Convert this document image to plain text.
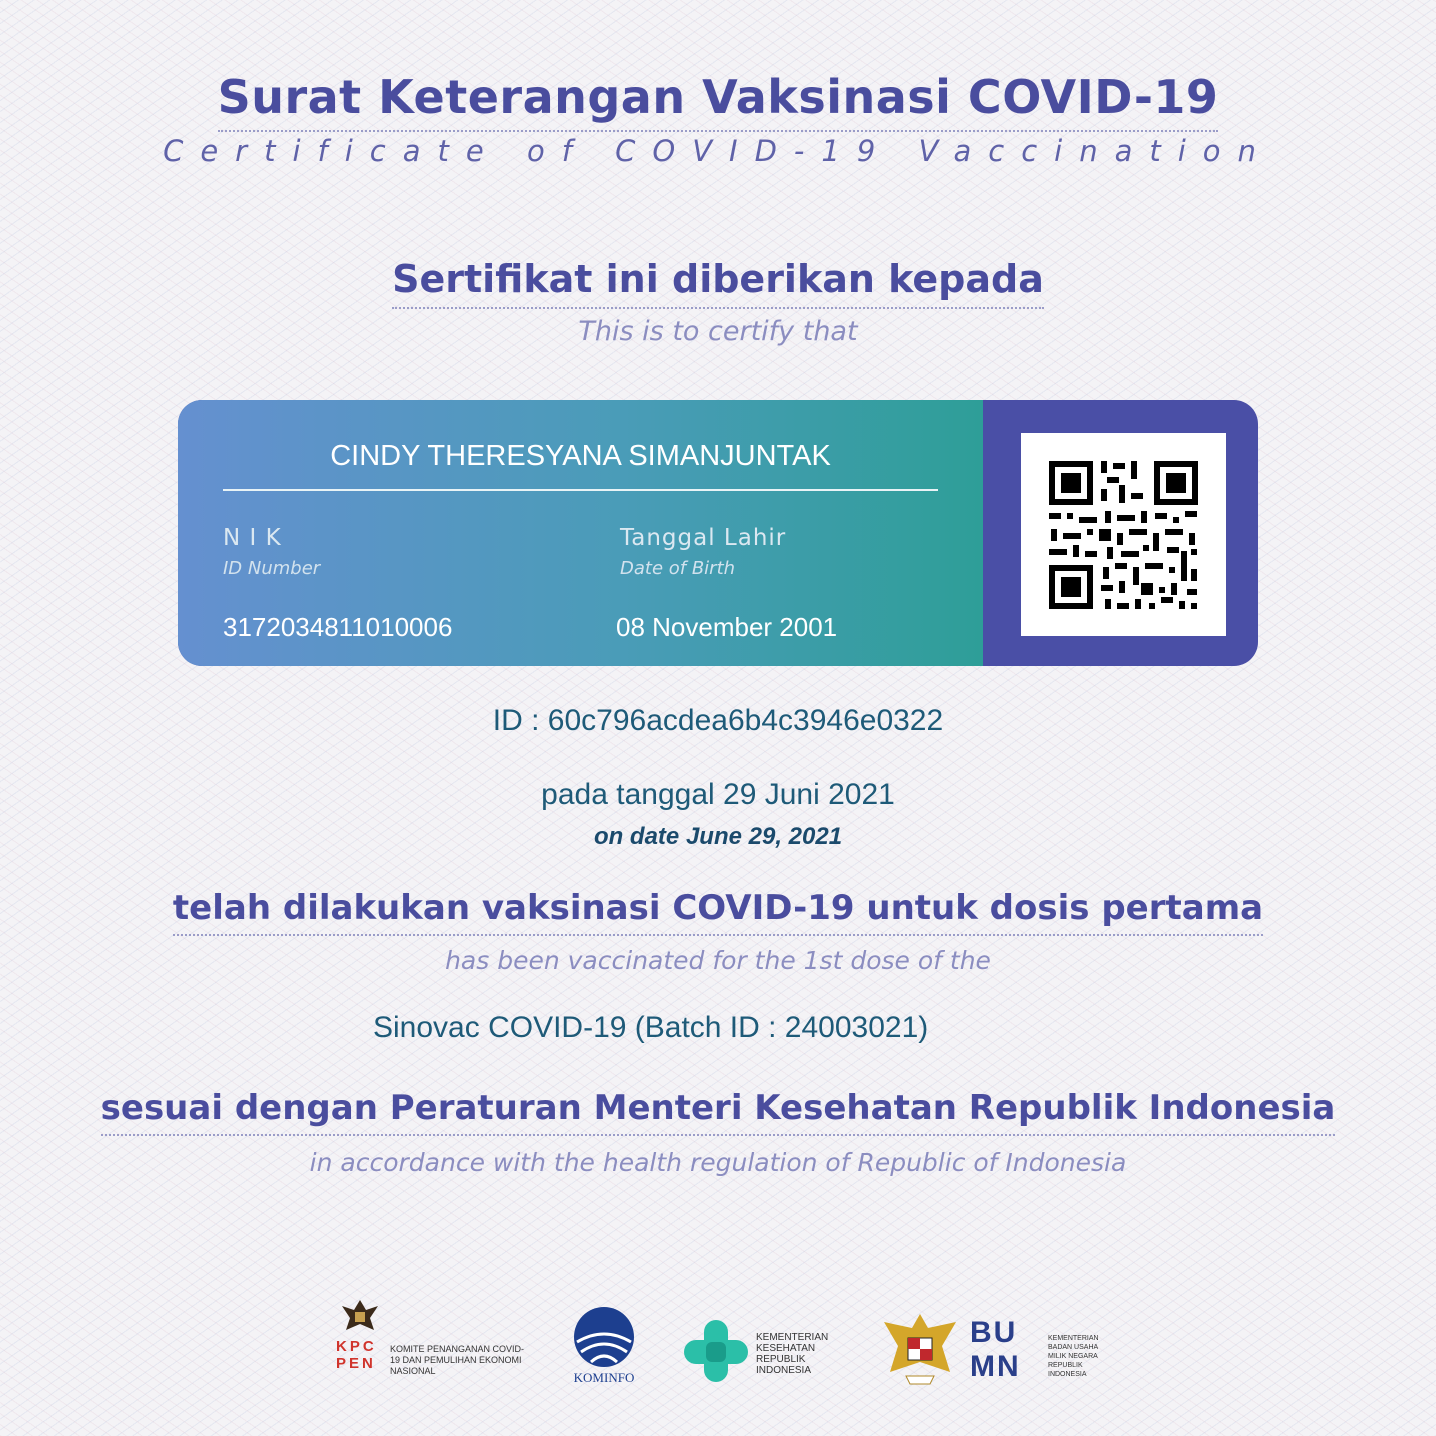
Surat Keterangan Vaksinasi COVID-19
Certificate of COVID-19 Vaccination
Sertifikat ini diberikan kepada
This is to certify that
CINDY THERESYANA SIMANJUNTAK
N I K
ID Number
3172034811010006
Tanggal Lahir
Date of Birth
08 November 2001
ID : 60c796acdea6b4c3946e0322
pada tanggal 29 Juni 2021
on date June 29, 2021
telah dilakukan vaksinasi COVID-19 untuk dosis pertama
has been vaccinated for the 1st dose of the
Sinovac COVID-19 (Batch ID : 24003021)
sesuai dengan Peraturan Menteri Kesehatan Republik Indonesia
in accordance with the health regulation of Republic of Indonesia
KPC PEN
KOMITE PENANGANAN COVID-19 DAN PEMULIHAN EKONOMI NASIONAL	KOMINFO
KEMENTERIAN KESEHATAN REPUBLIK INDONESIA
BUMN
KEMENTERIAN BADAN USAHA MILIK NEGARA REPUBLIK INDONESIA
